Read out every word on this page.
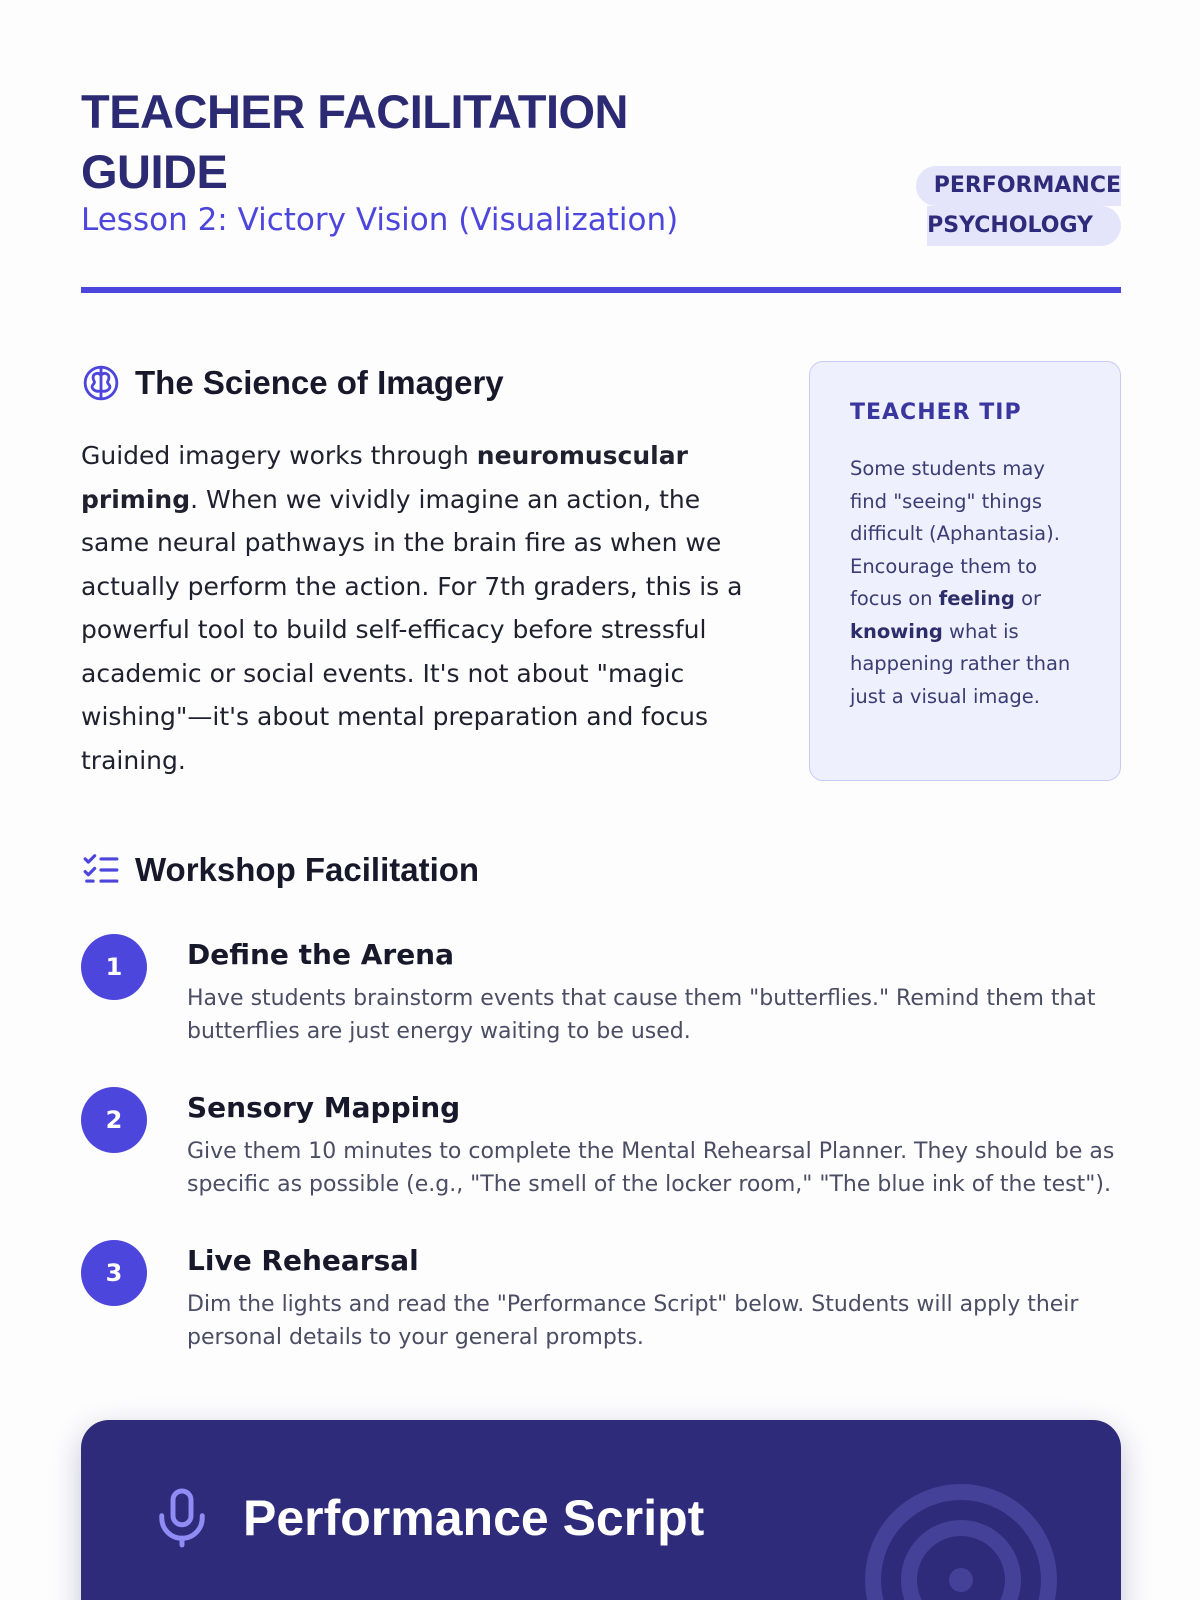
TEACHER FACILITATION GUIDE
Lesson 2: Victory Vision (Visualization)
PERFORMANCE
PSYCHOLOGY
The Science of Imagery

Guided imagery works through neuromuscular priming. When we vividly imagine an action, the same neural pathways in the brain fire as when we actually perform the action. For 7th graders, this is a powerful tool to build self-efficacy before stressful academic or social events. It's not about "magic wishing"—it's about mental preparation and focus training.

TEACHER TIP

Some students may find "seeing" things difficult (Aphantasia). Encourage them to focus on feeling or knowing what is happening rather than just a visual image.

Workshop Facilitation
1	Define the Arena
Have students brainstorm events that cause them "butterflies." Remind them that butterflies are just energy waiting to be used.
2	Sensory Mapping
Give them 10 minutes to complete the Mental Rehearsal Planner. They should be as specific as possible (e.g., "The smell of the locker room," "The blue ink of the test").
3	Live Rehearsal
Dim the lights and read the "Performance Script" below. Students will apply their personal details to your general prompts.
Performance Script
